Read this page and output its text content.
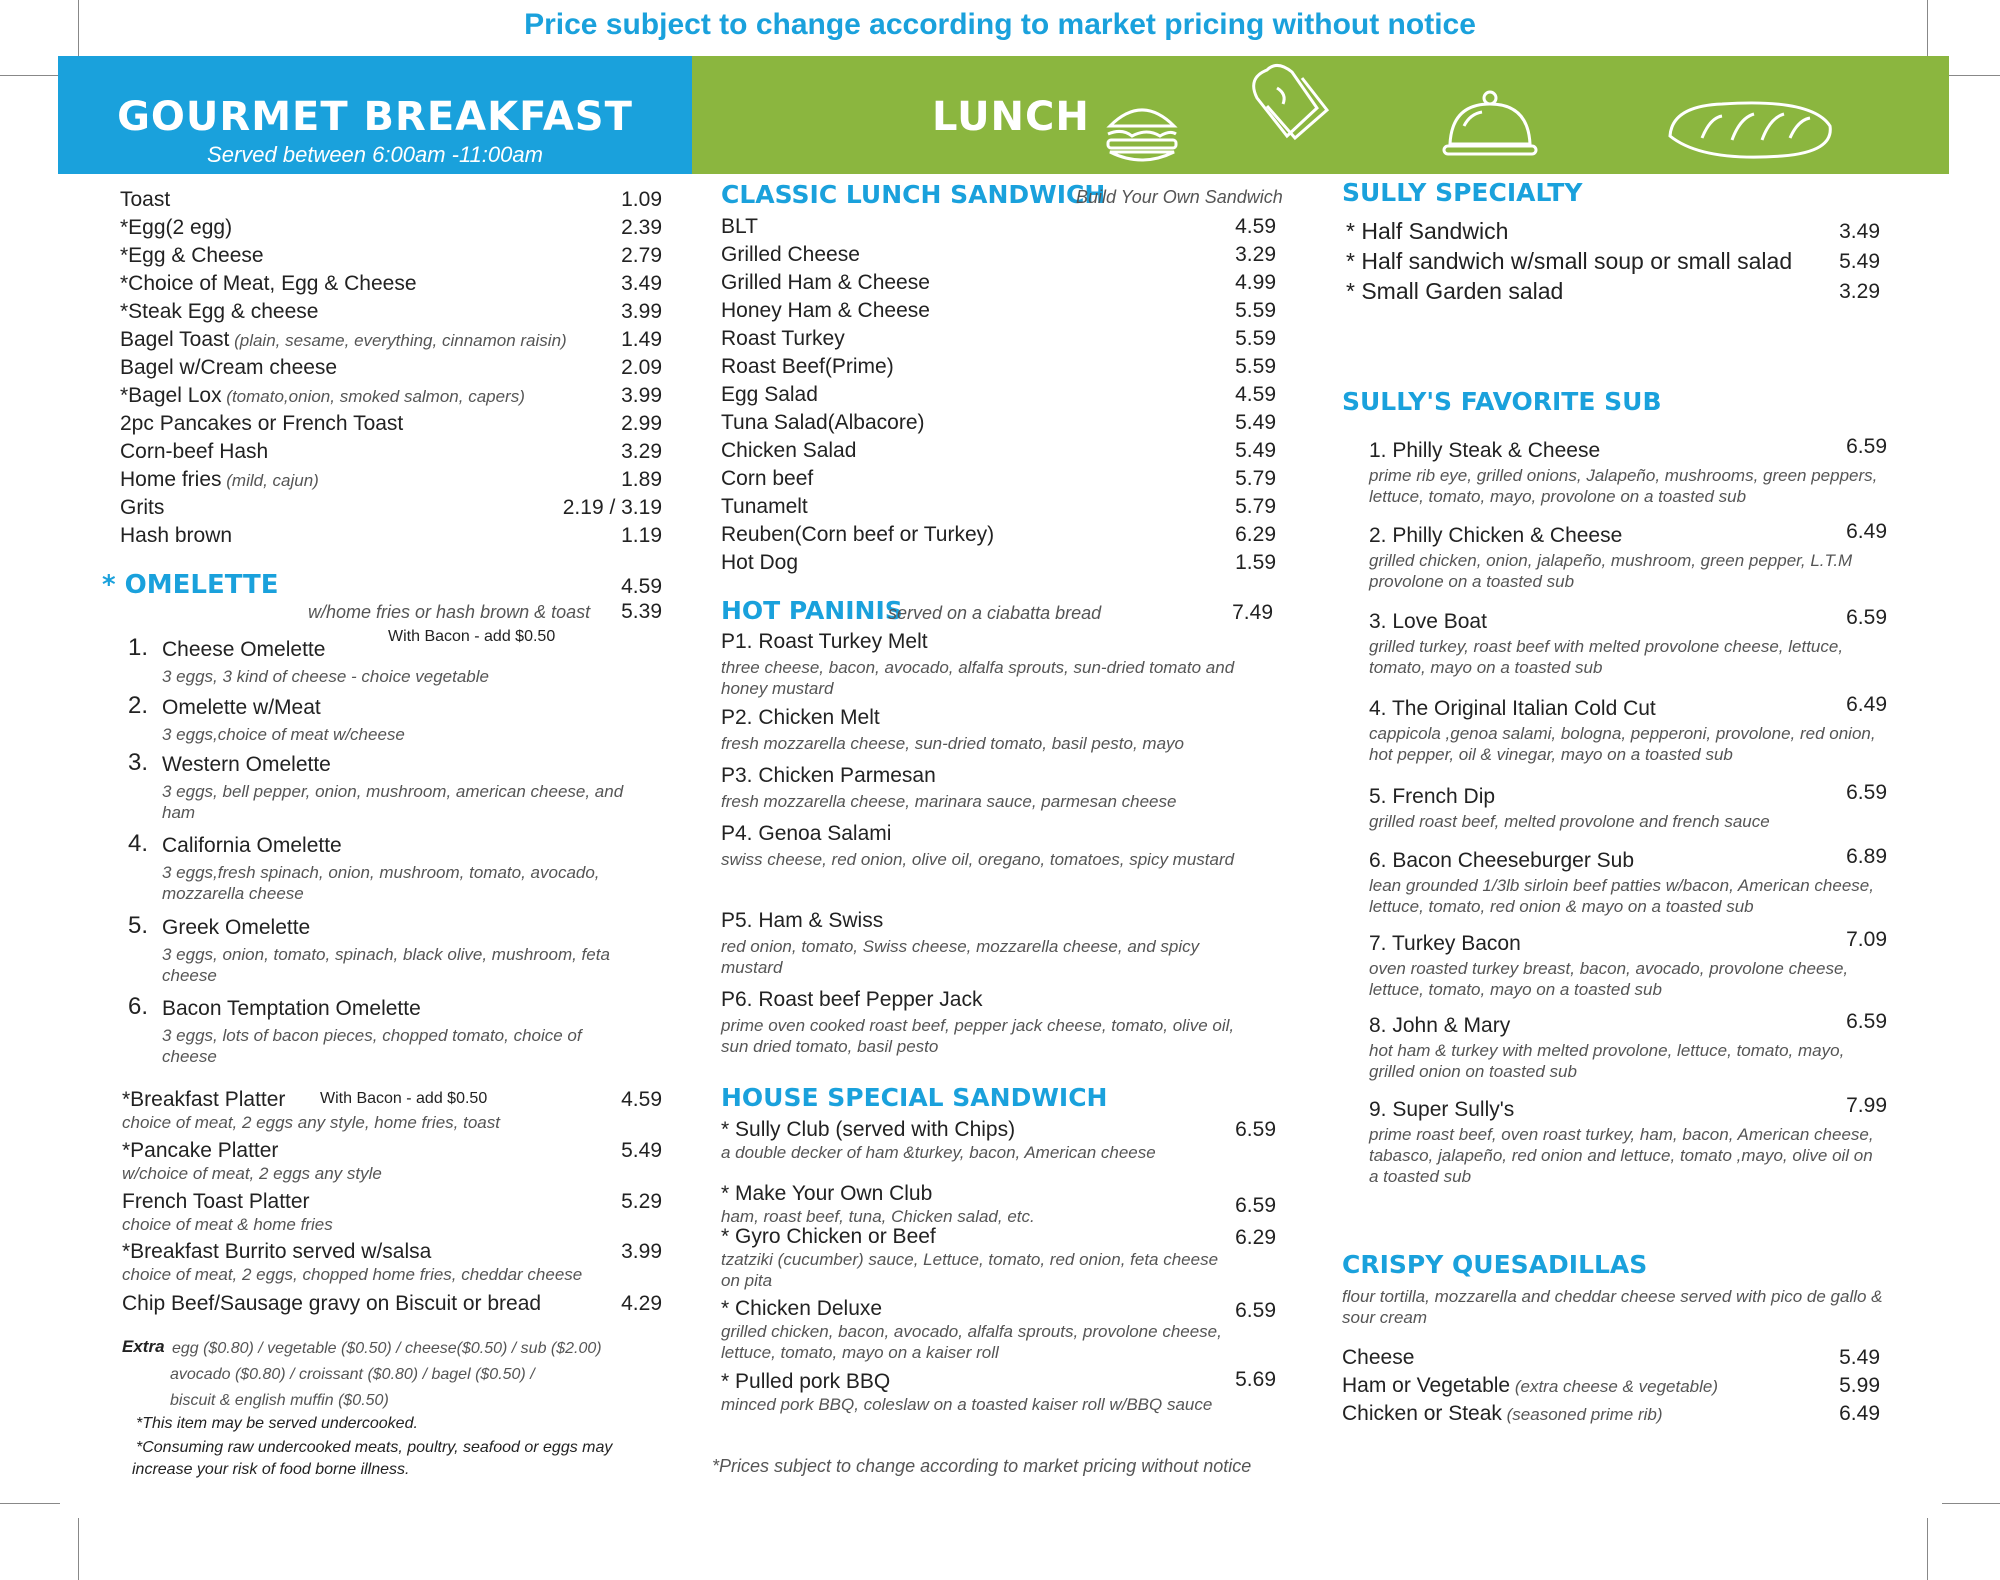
Price subject to change according to market pricing without notice
GOURMET BREAKFAST
Served between 6:00am -11:00am
LUNCH
Toast	1.09
*Egg(2 egg)	2.39
*Egg & Cheese	2.79
*Choice of Meat, Egg & Cheese	3.49
*Steak Egg & cheese	3.99
Bagel Toast (plain, sesame, everything, cinnamon raisin)	1.49
Bagel w/Cream cheese	2.09
*Bagel Lox (tomato,onion, smoked salmon, capers)	3.99
2pc Pancakes or French Toast	2.99
Corn-beef Hash	3.29
Home fries (mild, cajun)	1.89
Grits	2.19 / 3.19
Hash brown	1.19
* OMELETTE	4.59
w/home fries or hash brown & toast 5.39
With Bacon - add $0.50
1. Cheese Omelette
3 eggs, 3 kind of cheese - choice vegetable
2. Omelette w/Meat
3 eggs,choice of meat w/cheese
3. Western Omelette
3 eggs, bell pepper, onion, mushroom, american cheese, and ham
4. California Omelette
3 eggs,fresh spinach, onion, mushroom, tomato, avocado, mozzarella cheese
5. Greek Omelette
3 eggs, onion, tomato, spinach, black olive, mushroom, feta cheese
6. Bacon Temptation Omelette
3 eggs, lots of bacon pieces, chopped tomato, choice of cheese
*Breakfast Platter With Bacon - add $0.50	4.59
choice of meat, 2 eggs any style, home fries, toast
*Pancake Platter	5.49
w/choice of meat, 2 eggs any style
French Toast Platter	5.29
choice of meat & home fries
*Breakfast Burrito served w/salsa	3.99
choice of meat, 2 eggs, chopped home fries, cheddar cheese
Chip Beef/Sausage gravy on Biscuit or bread	4.29
Extra egg ($0.80) / vegetable ($0.50) / cheese($0.50) / sub ($2.00)
avocado ($0.80) / croissant ($0.80) / bagel ($0.50) /
biscuit & english muffin ($0.50)
*This item may be served undercooked.
*Consuming raw undercooked meats, poultry, seafood or eggs may
increase your risk of food borne illness.
CLASSIC LUNCH SANDWICH
Build Your Own Sandwich
BLT	4.59
Grilled Cheese	3.29
Grilled Ham & Cheese	4.99
Honey Ham & Cheese	5.59
Roast Turkey	5.59
Roast Beef(Prime)	5.59
Egg Salad	4.59
Tuna Salad(Albacore)	5.49
Chicken Salad	5.49
Corn beef	5.79
Tunamelt	5.79
Reuben(Corn beef or Turkey)	6.29
Hot Dog	1.59
HOT PANINIS
served on a ciabatta bread	7.49
P1. Roast Turkey Melt
three cheese, bacon, avocado, alfalfa sprouts, sun-dried tomato and honey mustard
P2. Chicken Melt
fresh mozzarella cheese, sun-dried tomato, basil pesto, mayo
P3. Chicken Parmesan
fresh mozzarella cheese, marinara sauce, parmesan cheese
P4. Genoa Salami
swiss cheese, red onion, olive oil, oregano, tomatoes, spicy mustard
P5. Ham & Swiss
red onion, tomato, Swiss cheese, mozzarella cheese, and spicy mustard
P6. Roast beef Pepper Jack
prime oven cooked roast beef, pepper jack cheese, tomato, olive oil, sun dried tomato, basil pesto
HOUSE SPECIAL SANDWICH
* Sully Club (served with Chips)	6.59
a double decker of ham &turkey, bacon, American cheese
* Make Your Own Club
6.59
ham, roast beef, tuna, Chicken salad, etc.
* Gyro Chicken or Beef	6.29
tzatziki (cucumber) sauce, Lettuce, tomato, red onion, feta cheese on pita
* Chicken Deluxe	6.59
grilled chicken, bacon, avocado, alfalfa sprouts, provolone cheese, lettuce, tomato, mayo on a kaiser roll
* Pulled pork BBQ	5.69
minced pork BBQ, coleslaw on a toasted kaiser roll w/BBQ sauce
*Prices subject to change according to market pricing without notice
SULLY SPECIALTY
* Half Sandwich	3.49
* Half sandwich w/small soup or small salad 5.49
* Small Garden salad	3.29
SULLY'S FAVORITE SUB
1. Philly Steak & Cheese	6.59
prime rib eye, grilled onions, Jalapeño, mushrooms, green peppers, lettuce, tomato, mayo, provolone on a toasted sub
2. Philly Chicken & Cheese	6.49
grilled chicken, onion, jalapeño, mushroom, green pepper, L.T.M provolone on a toasted sub
3. Love Boat	6.59
grilled turkey, roast beef with melted provolone cheese, lettuce, tomato, mayo on a toasted sub
4. The Original Italian Cold Cut	6.49
cappicola ,genoa salami, bologna, pepperoni, provolone, red onion, hot pepper, oil & vinegar, mayo on a toasted sub
5. French Dip	6.59
grilled roast beef, melted provolone and french sauce
6. Bacon Cheeseburger Sub	6.89
lean grounded 1/3lb sirloin beef patties w/bacon, American cheese, lettuce, tomato, red onion & mayo on a toasted sub
7. Turkey Bacon	7.09
oven roasted turkey breast, bacon, avocado, provolone cheese, lettuce, tomato, mayo on a toasted sub
8. John & Mary	6.59
hot ham & turkey with melted provolone, lettuce, tomato, mayo, grilled onion on toasted sub
9. Super Sully's	7.99
prime roast beef, oven roast turkey, ham, bacon, American cheese, tabasco, jalapeño, red onion and lettuce, tomato ,mayo, olive oil on a toasted sub
CRISPY QUESADILLAS
flour tortilla, mozzarella and cheddar cheese served with pico de gallo & sour cream
Cheese	5.49
Ham or Vegetable (extra cheese & vegetable)	5.99
Chicken or Steak (seasoned prime rib)	6.49
